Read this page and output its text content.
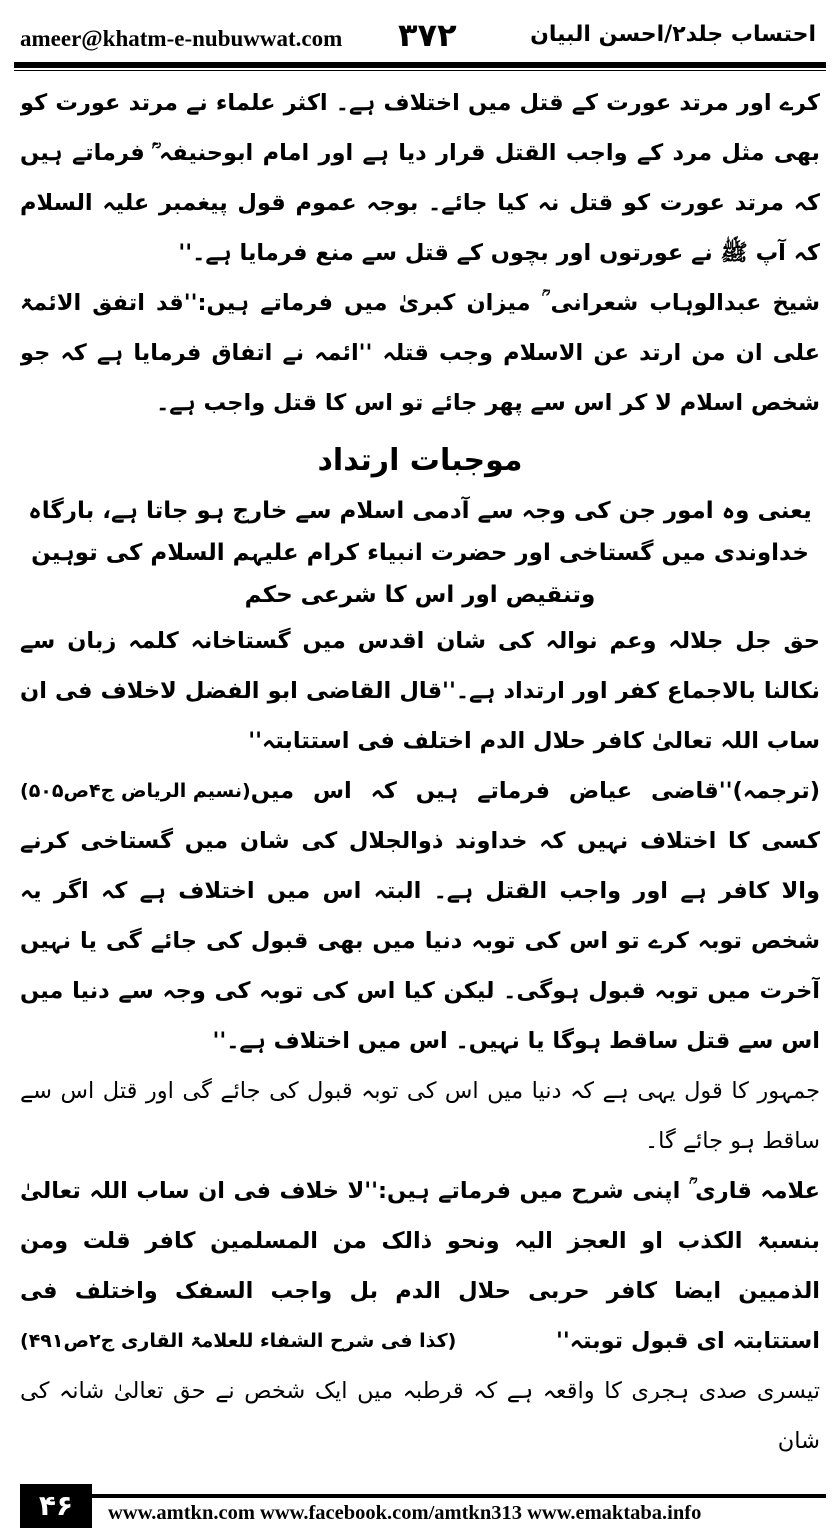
ameer@khatm-e-nubuwwat.com ۳۷۲	احتساب جلد۲/احسن البیان

کرے اور مرتد عورت کے قتل میں اختلاف ہے۔ اکثر علماء نے مرتد عورت کو بھی مثل مرد کے واجب القتل قرار دیا ہے اور امام ابوحنیفہ ؒ فرماتے ہیں کہ مرتد عورت کو قتل نہ کیا جائے۔ بوجہ عموم قول پیغمبر علیہ السلام کہ آپ ﷺ نے عورتوں اور بچوں کے قتل سے منع فرمایا ہے۔''

شیخ عبدالوہاب شعرانی ؒ میزان کبریٰ میں فرماتے ہیں:''قد اتفق الائمۃ علی ان من ارتد عن الاسلام وجب قتلہ ''ائمہ نے اتفاق فرمایا ہے کہ جو شخص اسلام لا کر اس سے پھر جائے تو اس کا قتل واجب ہے۔

موجبات ارتداد

یعنی وہ امور جن کی وجہ سے آدمی اسلام سے خارج ہو جاتا ہے، بارگاہ خداوندی میں گستاخی اور حضرت انبیاء کرام علیہم السلام کی توہین وتنقیص اور اس کا شرعی حکم

حق جل جلالہ وعم نوالہ کی شان اقدس میں گستاخانہ کلمہ زبان سے نکالنا بالاجماع کفر اور ارتداد ہے۔''قال القاضی ابو الفضل لاخلاف فی ان ساب اللہ تعالیٰ کافر حلال الدم اختلف فی استتابتہ''
(نسیم الریاض ج۴ص۵۰۵) (ترجمہ)''قاضی عیاض فرماتے ہیں کہ اس میں کسی کا اختلاف نہیں کہ خداوند ذوالجلال کی شان میں گستاخی کرنے والا کافر ہے اور واجب القتل ہے۔ البتہ اس میں اختلاف ہے کہ اگر یہ شخص توبہ کرے تو اس کی توبہ دنیا میں بھی قبول کی جائے گی یا نہیں آخرت میں توبہ قبول ہوگی۔ لیکن کیا اس کی توبہ کی وجہ سے دنیا میں اس سے قتل ساقط ہوگا یا نہیں۔ اس میں اختلاف ہے۔''

جمہور کا قول یہی ہے کہ دنیا میں اس کی توبہ قبول کی جائے گی اور قتل اس سے ساقط ہو جائے گا۔

علامہ قاری ؒ اپنی شرح میں فرماتے ہیں:''لا خلاف فی ان ساب اللہ تعالیٰ بنسبۃ الکذب او العجز الیہ ونحو ذالک من المسلمین کافر قلت ومن الذمیین ایضا کافر حربی حلال الدم بل واجب السفک واختلف فی استتابتہ ای قبول توبتہ''
(کذا فی شرح الشفاء للعلامۃ القاری ج۲ص۴۹۱)

تیسری صدی ہجری کا واقعہ ہے کہ قرطبہ میں ایک شخص نے حق تعالیٰ شانہ کی شان

۴۶	www.amtkn.com www.facebook.com/amtkn313 www.emaktaba.info
